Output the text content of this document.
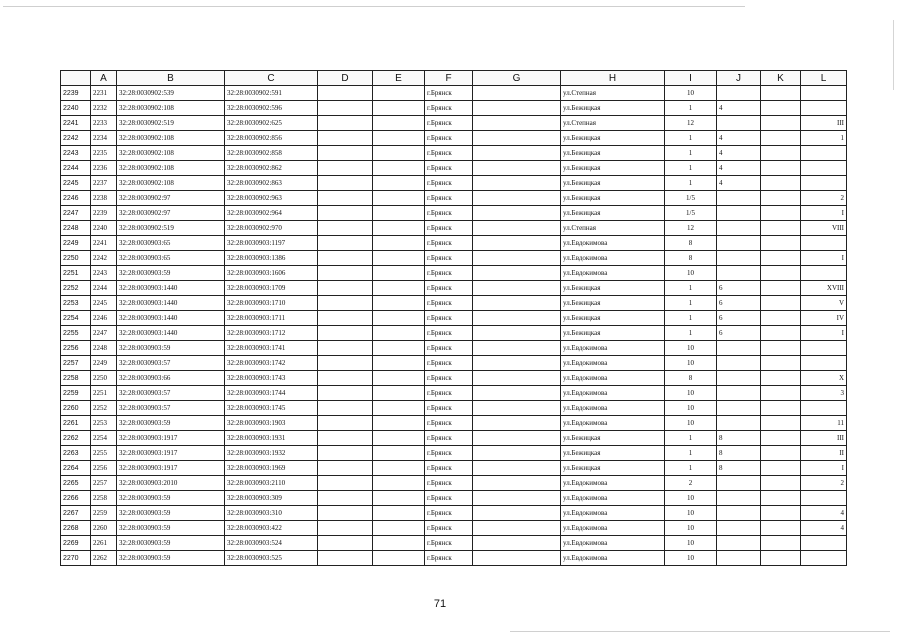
	A	B	C	D	E	F	G	H	I	J	K	L
2239	2231	32:28:0030902:539	32:28:0030902:591			г.Брянск		ул.Степная	10			
2240	2232	32:28:0030902:108	32:28:0030902:596			г.Брянск		ул.Бежицкая	1	4		
2241	2233	32:28:0030902:519	32:28:0030902:625			г.Брянск		ул.Степная	12			III
2242	2234	32:28:0030902:108	32:28:0030902:856			г.Брянск		ул.Бежицкая	1	4		1
2243	2235	32:28:0030902:108	32:28:0030902:858			г.Брянск		ул.Бежицкая	1	4		
2244	2236	32:28:0030902:108	32:28:0030902:862			г.Брянск		ул.Бежицкая	1	4		
2245	2237	32:28:0030902:108	32:28:0030902:863			г.Брянск		ул.Бежицкая	1	4		
2246	2238	32:28:0030902:97	32:28:0030902:963			г.Брянск		ул.Бежицкая	1/5			2
2247	2239	32:28:0030902:97	32:28:0030902:964			г.Брянск		ул.Бежицкая	1/5			I
2248	2240	32:28:0030902:519	32:28:0030902:970			г.Брянск		ул.Степная	12			VIII
2249	2241	32:28:0030903:65	32:28:0030903:1197			г.Брянск		ул.Евдокимова	8			
2250	2242	32:28:0030903:65	32:28:0030903:1386			г.Брянск		ул.Евдокимова	8			I
2251	2243	32:28:0030903:59	32:28:0030903:1606			г.Брянск		ул.Евдокимова	10			
2252	2244	32:28:0030903:1440	32:28:0030903:1709			г.Брянск		ул.Бежицкая	1	6		XVIII
2253	2245	32:28:0030903:1440	32:28:0030903:1710			г.Брянск		ул.Бежицкая	1	6		V
2254	2246	32:28:0030903:1440	32:28:0030903:1711			г.Брянск		ул.Бежицкая	1	6		IV
2255	2247	32:28:0030903:1440	32:28:0030903:1712			г.Брянск		ул.Бежицкая	1	6		I
2256	2248	32:28:0030903:59	32:28:0030903:1741			г.Брянск		ул.Евдокимова	10			
2257	2249	32:28:0030903:57	32:28:0030903:1742			г.Брянск		ул.Евдокимова	10			
2258	2250	32:28:0030903:66	32:28:0030903:1743			г.Брянск		ул.Евдокимова	8			X
2259	2251	32:28:0030903:57	32:28:0030903:1744			г.Брянск		ул.Евдокимова	10			3
2260	2252	32:28:0030903:57	32:28:0030903:1745			г.Брянск		ул.Евдокимова	10			
2261	2253	32:28:0030903:59	32:28:0030903:1903			г.Брянск		ул.Евдокимова	10			11
2262	2254	32:28:0030903:1917	32:28:0030903:1931			г.Брянск		ул.Бежицкая	1	8		III
2263	2255	32:28:0030903:1917	32:28:0030903:1932			г.Брянск		ул.Бежицкая	1	8		II
2264	2256	32:28:0030903:1917	32:28:0030903:1969			г.Брянск		ул.Бежицкая	1	8		I
2265	2257	32:28:0030903:2010	32:28:0030903:2110			г.Брянск		ул.Евдокимова	2			2
2266	2258	32:28:0030903:59	32:28:0030903:309			г.Брянск		ул.Евдокимова	10			
2267	2259	32:28:0030903:59	32:28:0030903:310			г.Брянск		ул.Евдокимова	10			4
2268	2260	32:28:0030903:59	32:28:0030903:422			г.Брянск		ул.Евдокимова	10			4
2269	2261	32:28:0030903:59	32:28:0030903:524			г.Брянск		ул.Евдокимова	10			
2270	2262	32:28:0030903:59	32:28:0030903:525			г.Брянск		ул.Евдокимова	10			
71
